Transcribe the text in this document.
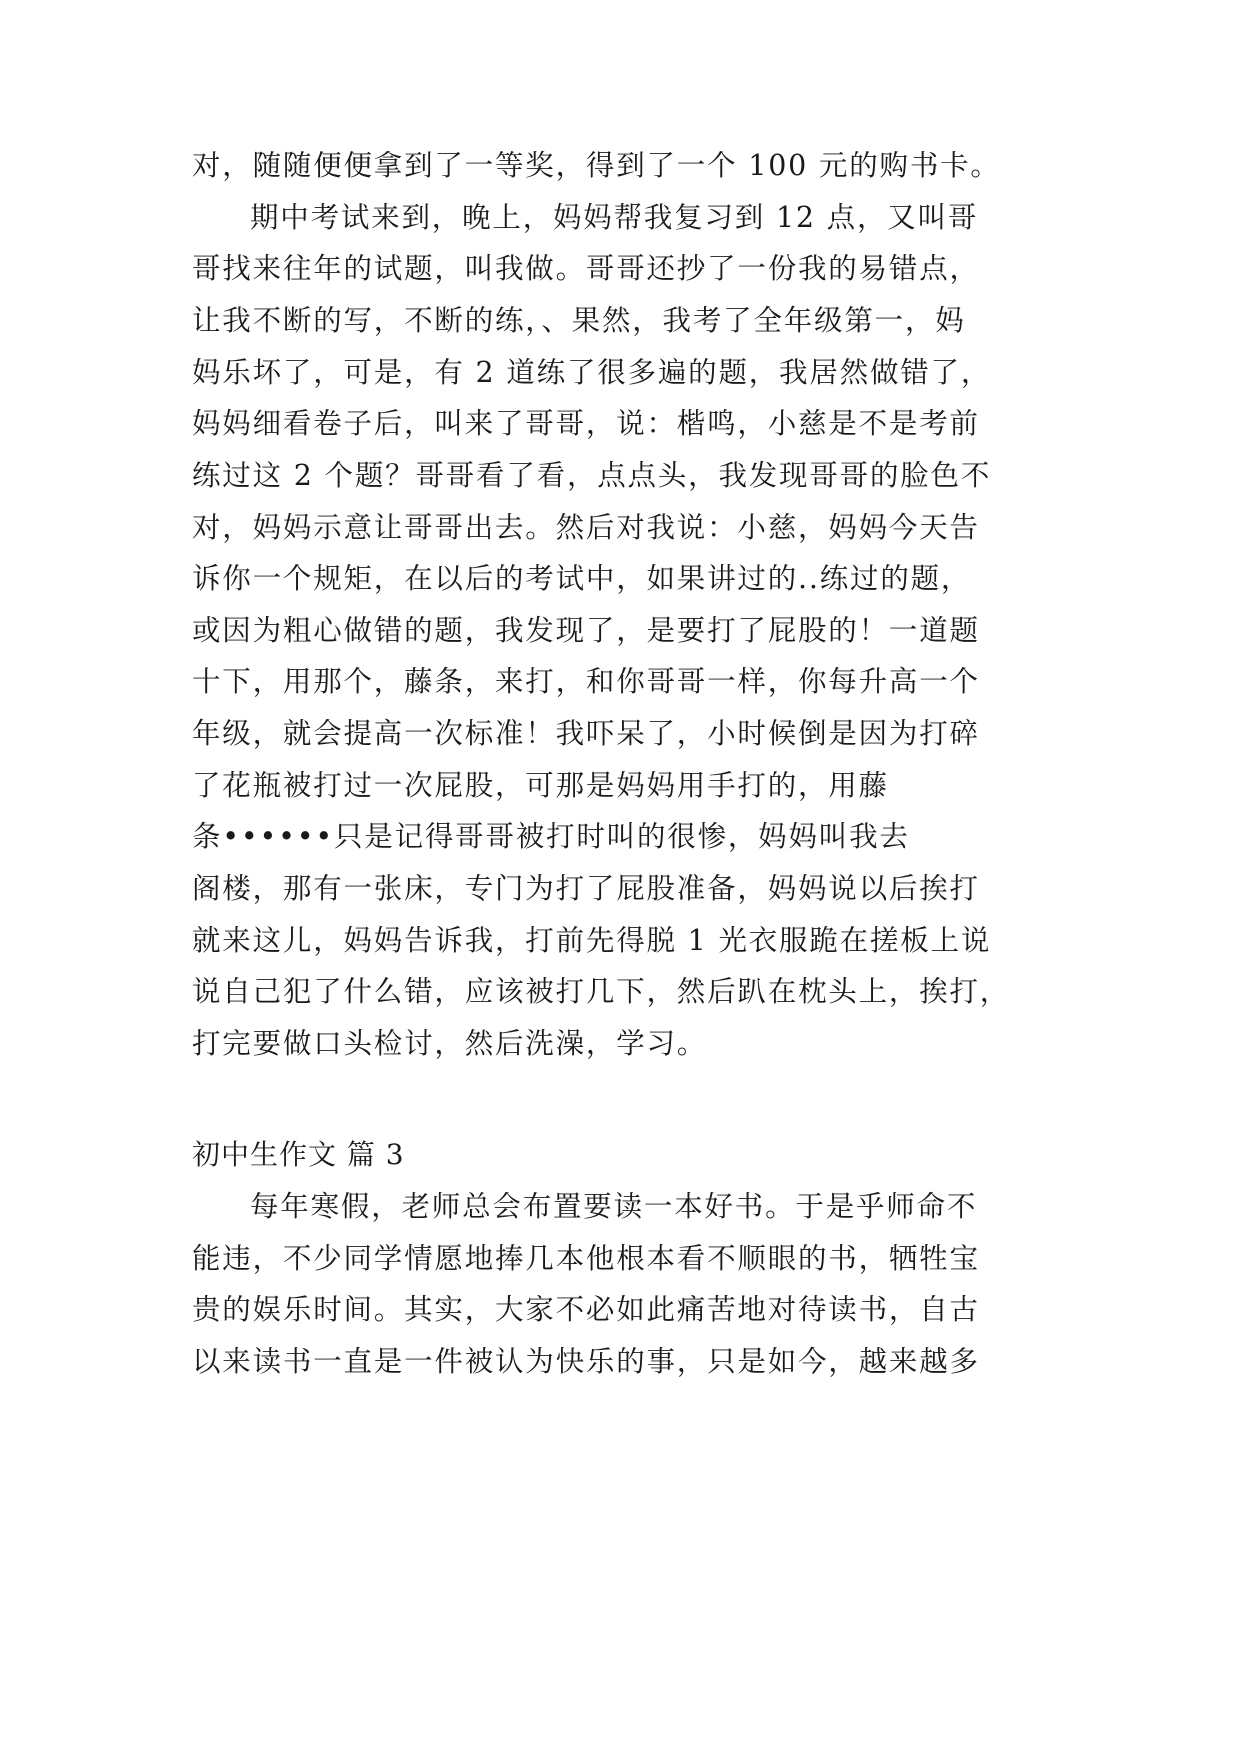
对，随随便便拿到了一等奖，得到了一个 100 元的购书卡。
期中考试来到，晚上，妈妈帮我复习到 12 点，又叫哥
哥找来往年的试题，叫我做。哥哥还抄了一份我的易错点，
让我不断的写，不断的练，、果然，我考了全年级第一，妈
妈乐坏了，可是，有 2 道练了很多遍的题，我居然做错了，
妈妈细看卷子后，叫来了哥哥，说：楷鸣，小慈是不是考前
练过这 2 个题？哥哥看了看，点点头，我发现哥哥的脸色不
对，妈妈示意让哥哥出去。然后对我说：小慈，妈妈今天告
诉你一个规矩，在以后的考试中，如果讲过的..练过的题，
或因为粗心做错的题，我发现了，是要打了屁股的！一道题
十下，用那个，藤条，来打，和你哥哥一样，你每升高一个
年级，就会提高一次标准！我吓呆了，小时候倒是因为打碎
了花瓶被打过一次屁股，可那是妈妈用手打的，用藤
条••••••只是记得哥哥被打时叫的很惨，妈妈叫我去
阁楼，那有一张床，专门为打了屁股准备，妈妈说以后挨打
就来这儿，妈妈告诉我，打前先得脱 1 光衣服跪在搓板上说
说自己犯了什么错，应该被打几下，然后趴在枕头上，挨打，
打完要做口头检讨，然后洗澡，学习。
初中生作文 篇 3
每年寒假，老师总会布置要读一本好书。于是乎师命不
能违，不少同学情愿地捧几本他根本看不顺眼的书，牺牲宝
贵的娱乐时间。其实，大家不必如此痛苦地对待读书，自古
以来读书一直是一件被认为快乐的事，只是如今，越来越多
